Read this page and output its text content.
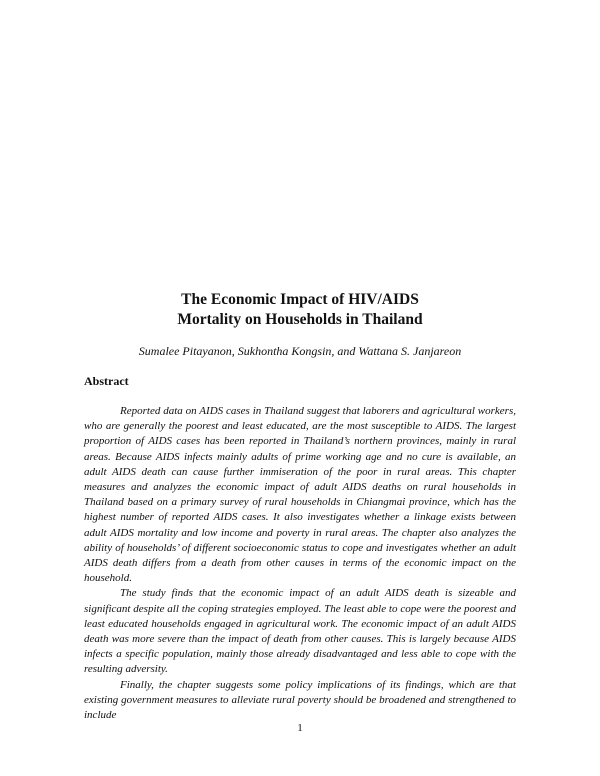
The Economic Impact of HIV/AIDS
Mortality on Households in Thailand
Sumalee Pitayanon, Sukhontha Kongsin, and Wattana S. Janjareon
Abstract

Reported data on AIDS cases in Thailand suggest that laborers and agricultural workers, who are generally the poorest and least educated, are the most susceptible to AIDS. The largest proportion of AIDS cases has been reported in Thailand’s northern provinces, mainly in rural areas. Because AIDS infects mainly adults of prime working age and no cure is available, an adult AIDS death can cause further immiseration of the poor in rural areas. This chapter measures and analyzes the economic impact of adult AIDS deaths on rural households in Thailand based on a primary survey of rural households in Chiangmai province, which has the highest number of reported AIDS cases. It also investigates whether a linkage exists between adult AIDS mortality and low income and poverty in rural areas. The chapter also analyzes the ability of households’ of different socioeconomic status to cope and investigates whether an adult AIDS death differs from a death from other causes in terms of the economic impact on the household.

The study finds that the economic impact of an adult AIDS death is sizeable and significant despite all the coping strategies employed. The least able to cope were the poorest and least educated households engaged in agricultural work. The economic impact of an adult AIDS death was more severe than the impact of death from other causes. This is largely because AIDS infects a specific population, mainly those already disadvantaged and less able to cope with the resulting adversity.

Finally, the chapter suggests some policy implications of its findings, which are that existing government measures to alleviate rural poverty should be broadened and strengthened to include

1
